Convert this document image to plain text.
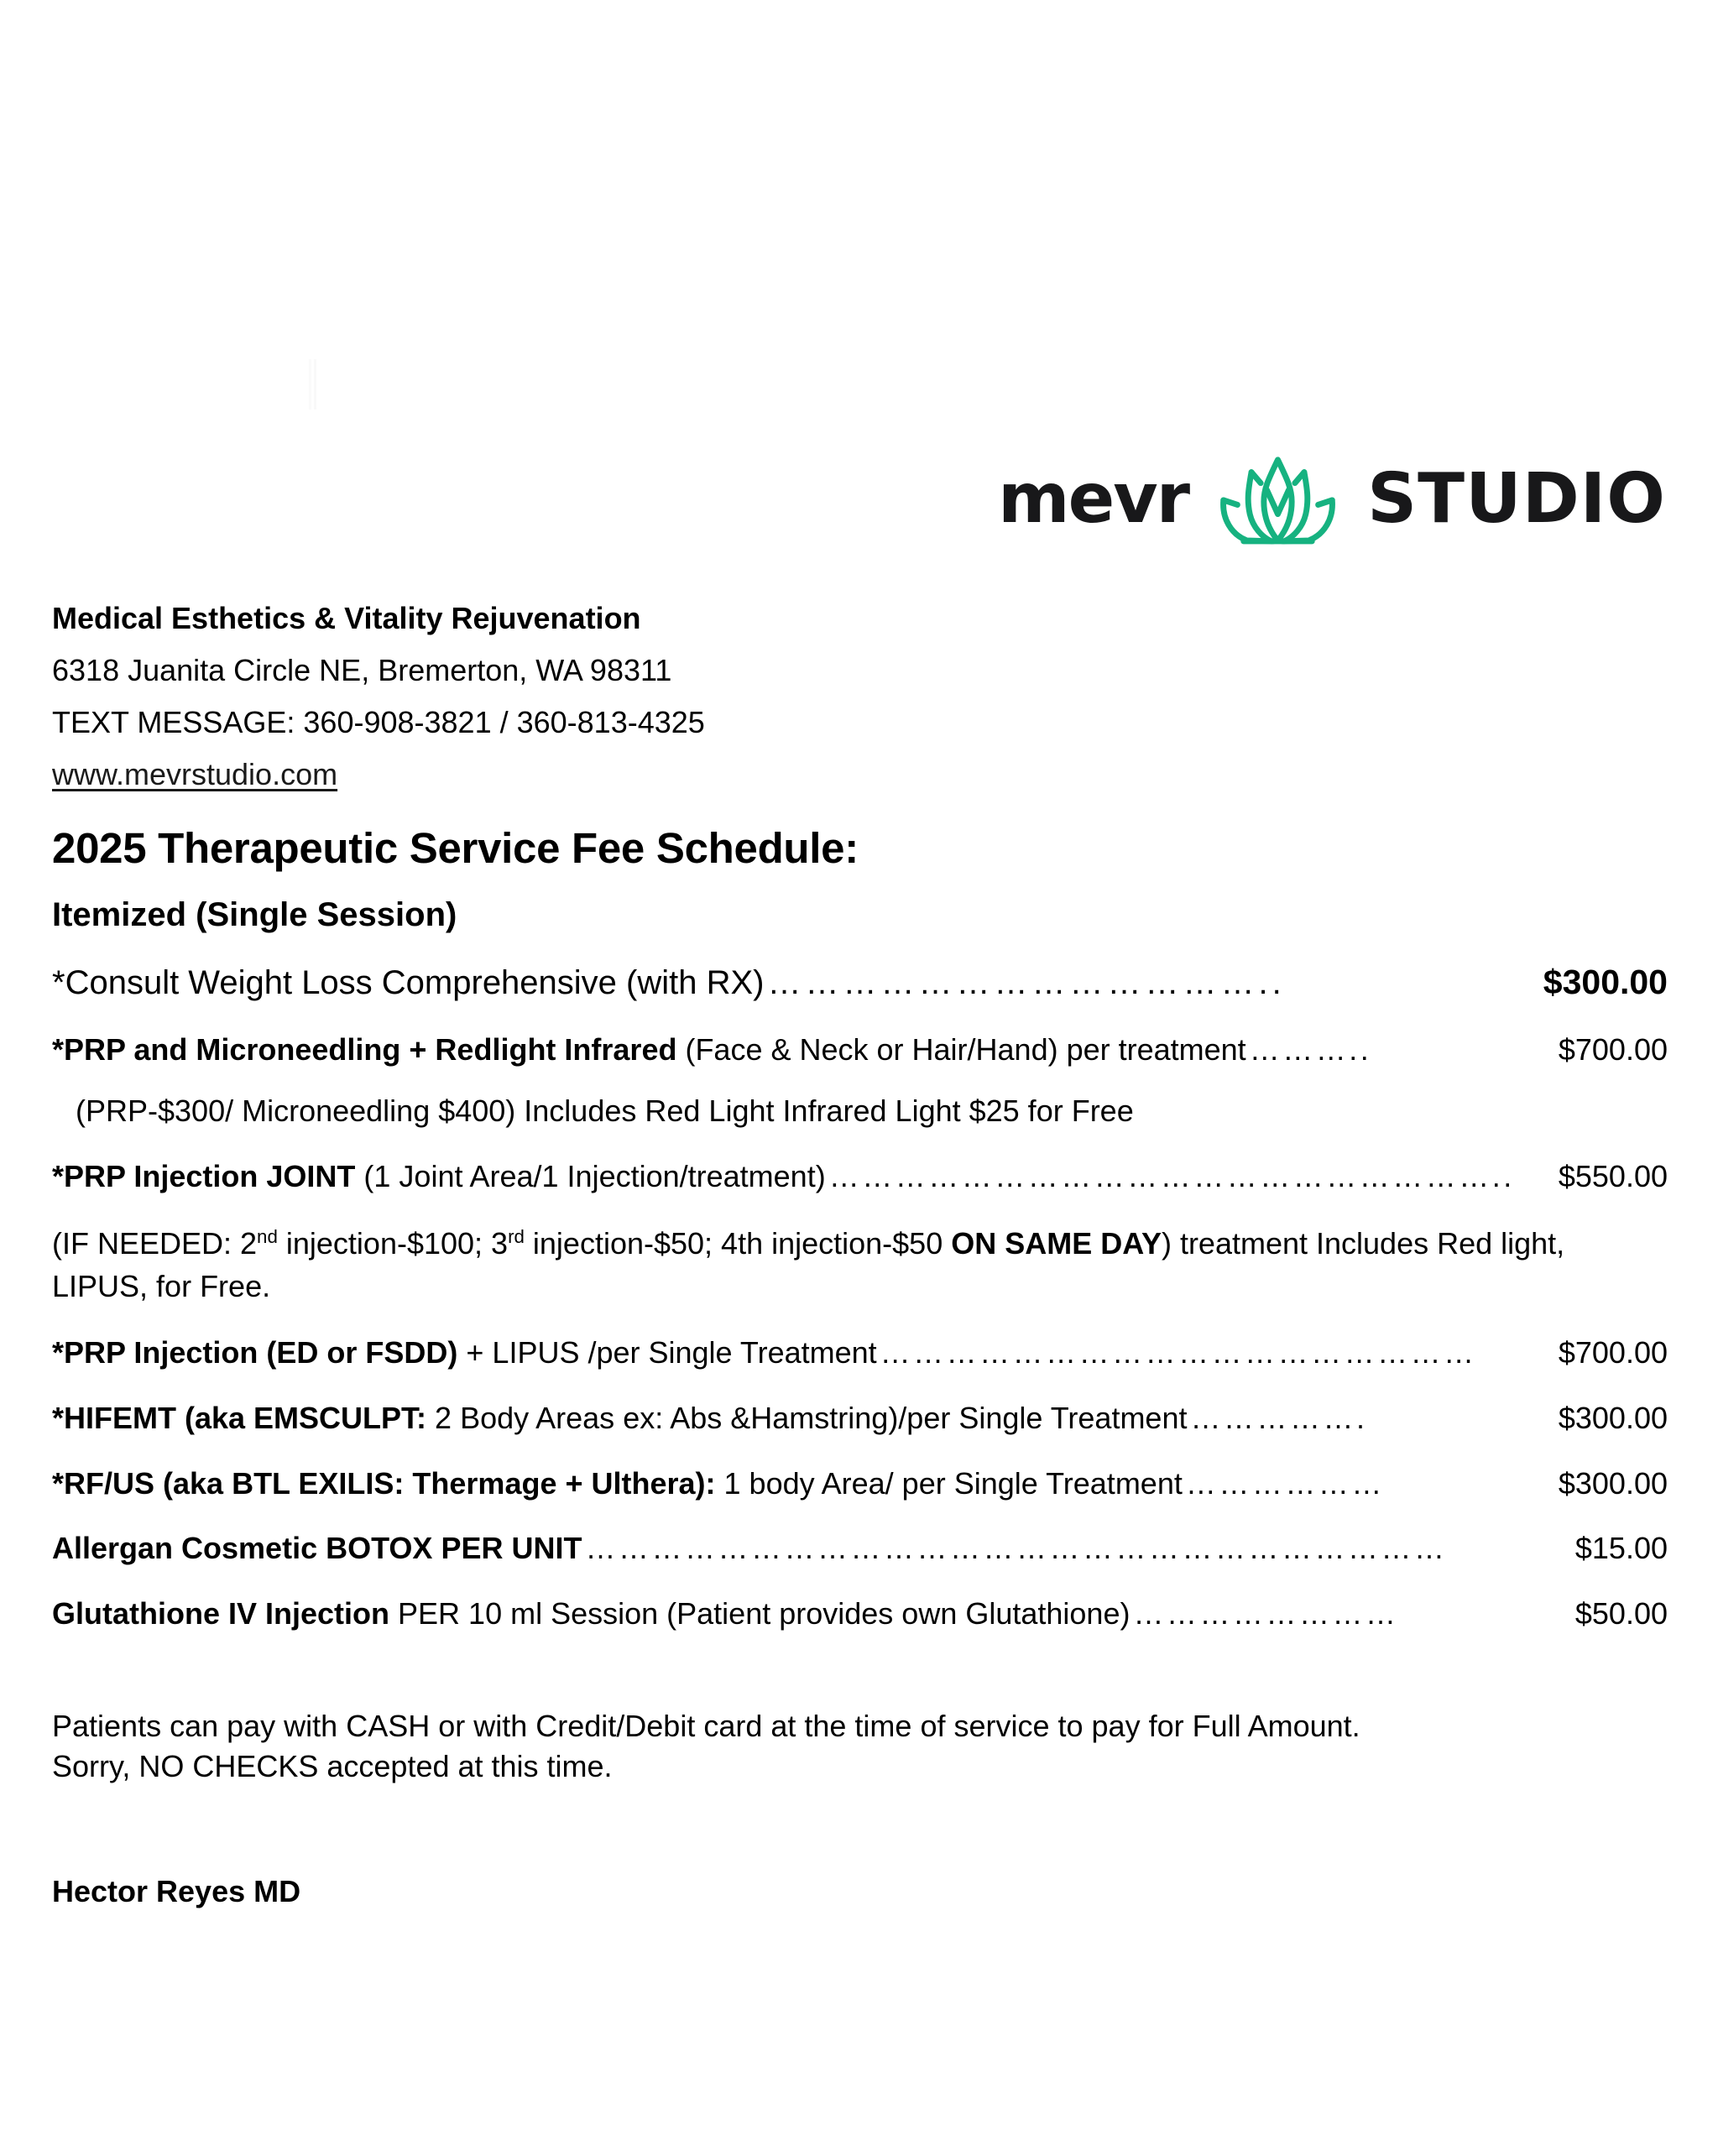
mevr	STUDIO
Medical Esthetics & Vitality Rejuvenation
6318 Juanita Circle NE, Bremerton, WA 98311
TEXT MESSAGE: 360-908-3821 / 360-813-4325
www.mevrstudio.com
2025 Therapeutic Service Fee Schedule:
Itemized (Single Session)
*Consult Weight Loss Comprehensive (with RX) …………………………………..	$300.00
*PRP and Microneedling + Redlight Infrared (Face & Neck or Hair/Hand) per treatment ………..	$700.00
(PRP-$300/ Microneedling $400) Includes Red Light Infrared Light $25 for Free
*PRP Injection JOINT (1 Joint Area/1 Injection/treatment) ……………………………………………………..	$550.00
(IF NEEDED: 2nd injection-$100; 3rd injection-$50; 4th injection-$50 ON SAME DAY) treatment Includes Red light, LIPUS, for Free.
*PRP Injection (ED or FSDD) + LIPUS /per Single Treatment ………………………………………………	$700.00
*HIFEMT (aka EMSCULPT: 2 Body Areas ex: Abs &Hamstring)/per Single Treatment …………….	$300.00
*RF/US (aka BTL EXILIS: Thermage + Ulthera): 1 body Area/ per Single Treatment ………………	$300.00
Allergan Cosmetic BOTOX PER UNIT ……………………………………………………………………	$15.00
Glutathione IV Injection PER 10 ml Session (Patient provides own Glutathione) ……………………	$50.00
Patients can pay with CASH or with Credit/Debit card at the time of service to pay for Full Amount.
Sorry, NO CHECKS accepted at this time.
Hector Reyes MD
